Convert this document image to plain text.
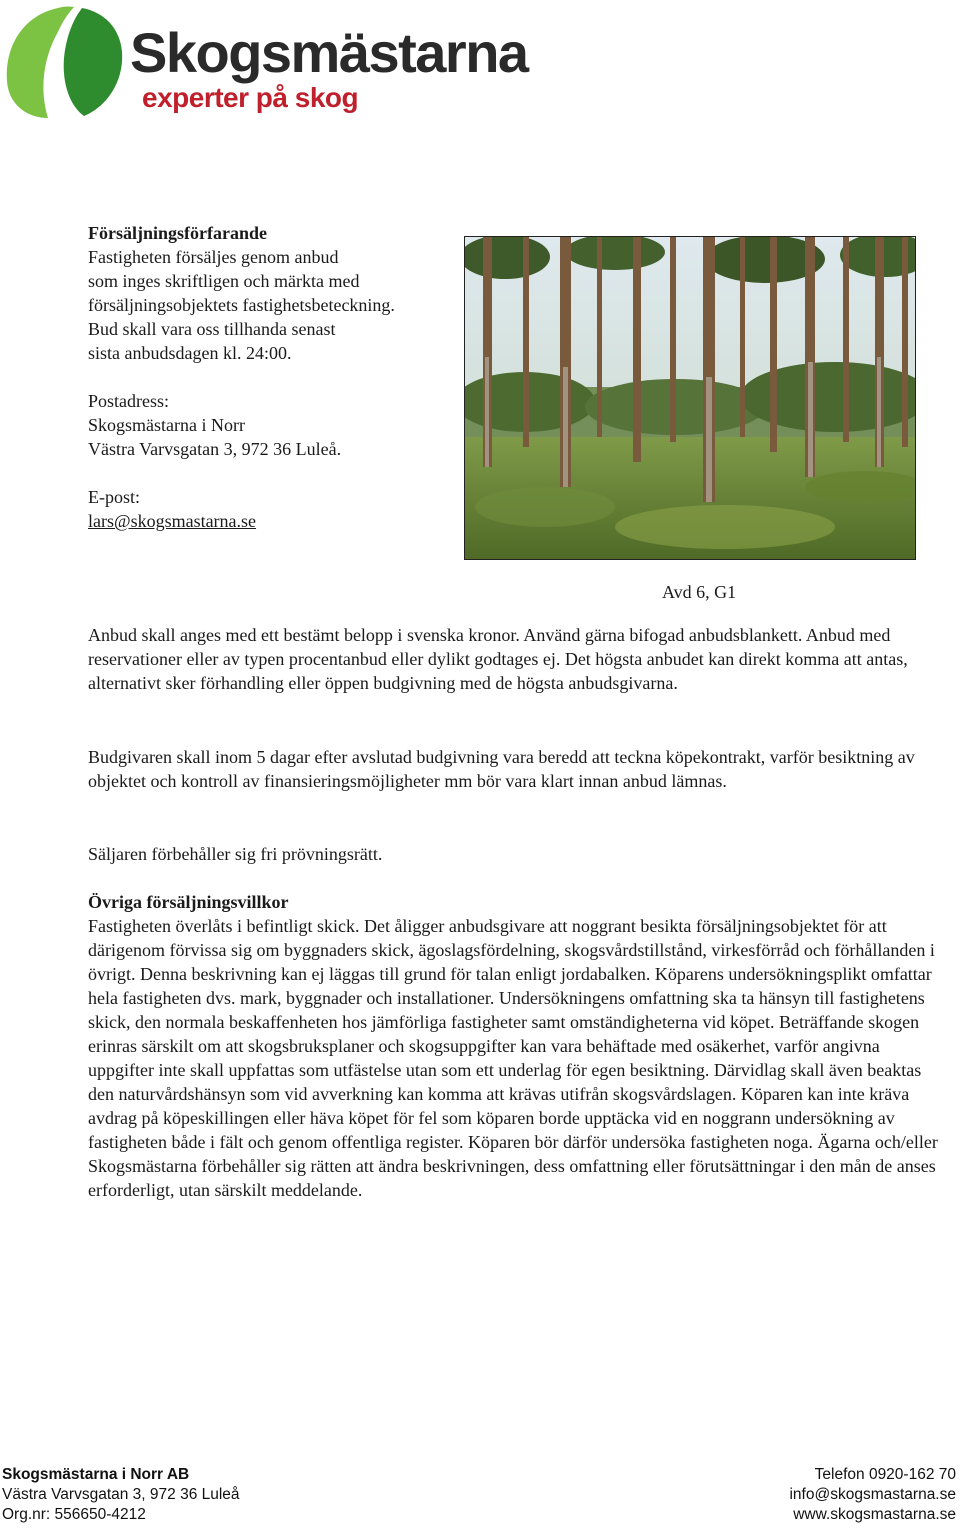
Skogsmästarna
experter på skog

Försäljningsförfarande

Fastigheten försäljes genom anbud

som inges skriftligen och märkta med

försäljningsobjektets fastighetsbeteckning.

Bud skall vara oss tillhanda senast

sista anbudsdagen kl. 24:00.

Postadress:

Skogsmästarna i Norr

Västra Varvsgatan 3, 972 36 Luleå.

E-post:

lars@skogsmastarna.se

Avd 6, G1

Anbud skall anges med ett bestämt belopp i svenska kronor. Använd gärna bifogad anbudsblankett. Anbud med reservationer eller av typen procentanbud eller dylikt godtages ej. Det högsta anbudet kan direkt komma att antas, alternativt sker förhandling eller öppen budgivning med de högsta anbudsgivarna.

Budgivaren skall inom 5 dagar efter avslutad budgivning vara beredd att teckna köpekontrakt, varför besiktning av objektet och kontroll av finansieringsmöjligheter mm bör vara klart innan anbud lämnas.

Säljaren förbehåller sig fri prövningsrätt.

Övriga försäljningsvillkor

Fastigheten överlåts i befintligt skick. Det åligger anbudsgivare att noggrant besikta försäljningsobjektet för att därigenom förvissa sig om byggnaders skick, ägoslagsfördelning, skogsvårdstillstånd, virkesförråd och förhållanden i övrigt. Denna beskrivning kan ej läggas till grund för talan enligt jordabalken. Köparens undersökningsplikt omfattar hela fastigheten dvs. mark, byggnader och installationer. Undersökningens omfattning ska ta hänsyn till fastighetens skick, den normala beskaffenheten hos jämförliga fastigheter samt omständigheterna vid köpet. Beträffande skogen erinras särskilt om att skogsbruksplaner och skogsuppgifter kan vara behäftade med osäkerhet, varför angivna uppgifter inte skall uppfattas som utfästelse utan som ett underlag för egen besiktning. Därvidlag skall även beaktas den naturvårdshänsyn som vid avverkning kan komma att krävas utifrån skogsvårdslagen. Köparen kan inte kräva avdrag på köpeskillingen eller häva köpet för fel som köparen borde upptäcka vid en noggrann undersökning av fastigheten både i fält och genom offentliga register. Köparen bör därför undersöka fastigheten noga. Ägarna och/eller Skogsmästarna förbehåller sig rätten att ändra beskrivningen, dess omfattning eller förutsättningar i den mån de anses erforderligt, utan särskilt meddelande.

Skogsmästarna i Norr AB
Västra Varvsgatan 3, 972 36 Luleå
Org.nr: 556650-4212
Telefon 0920-162 70
info@skogsmastarna.se
www.skogsmastarna.se
